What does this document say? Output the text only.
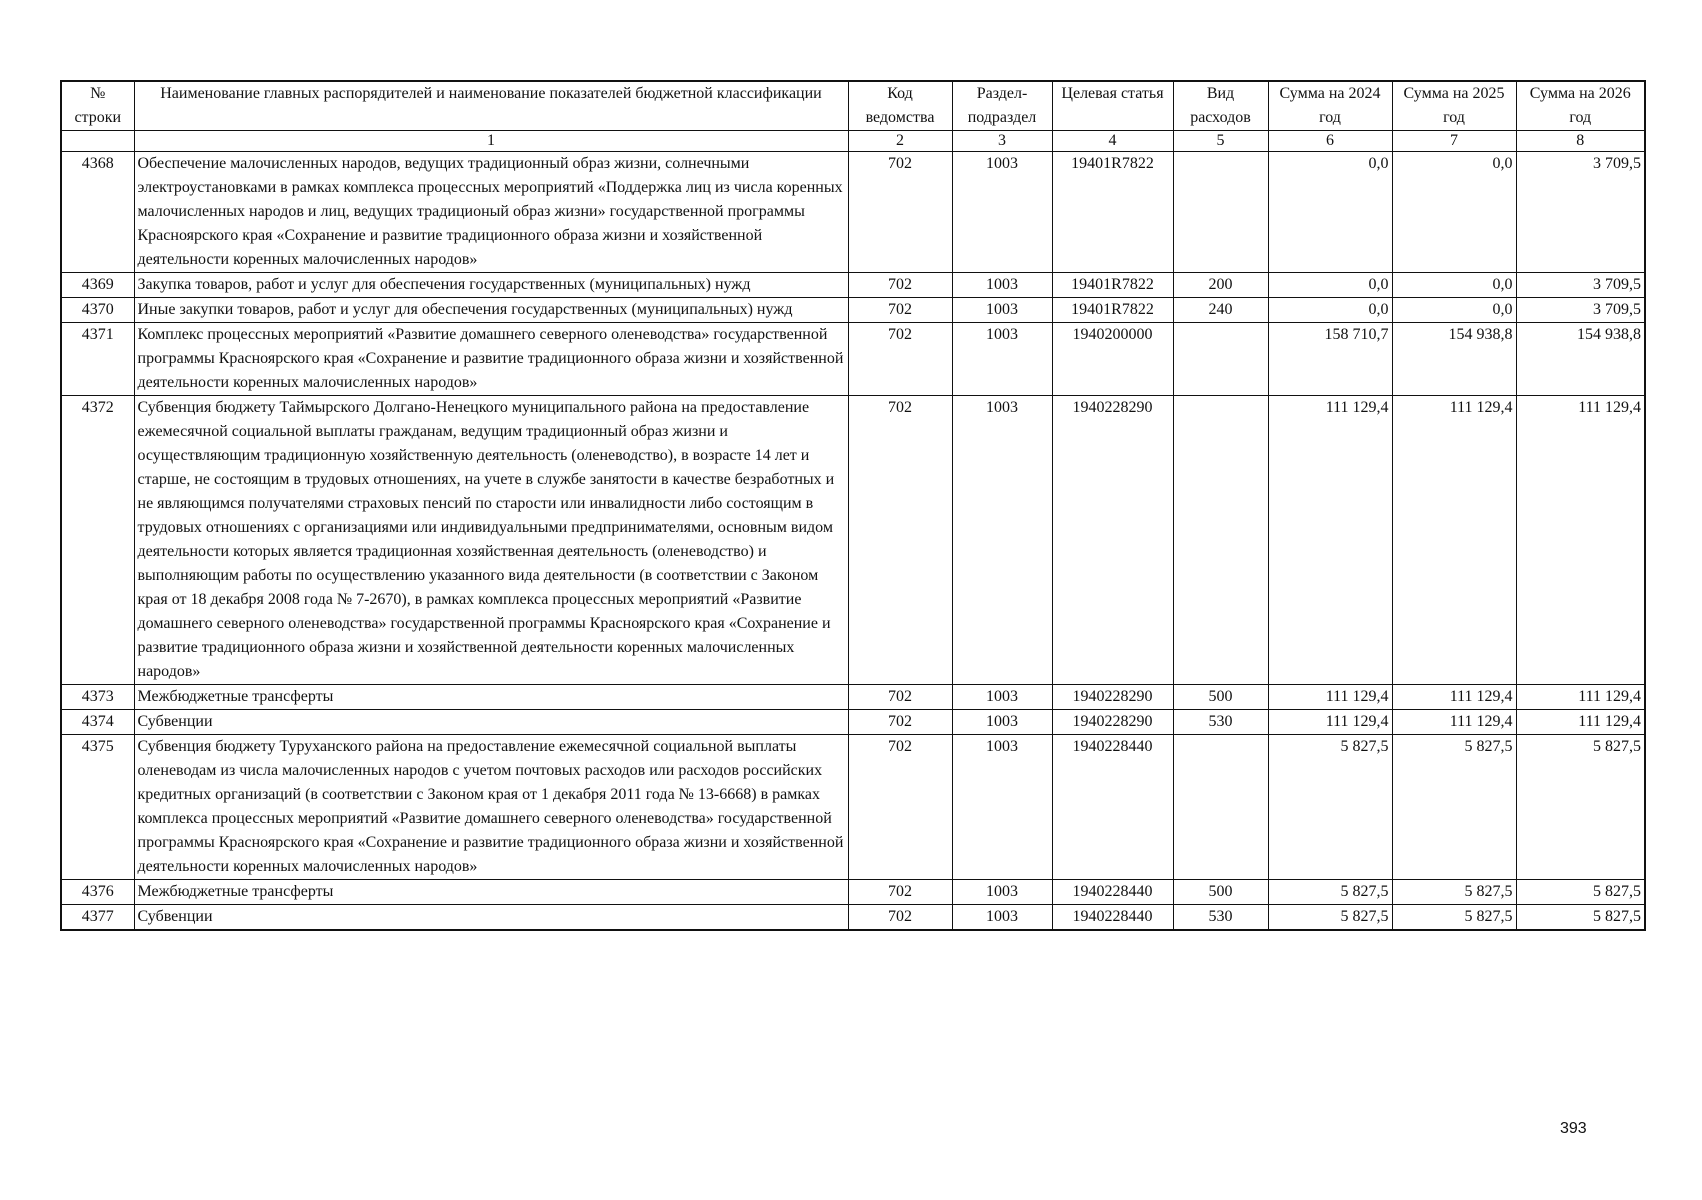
№ строки	Наименование главных распорядителей и наименование показателей бюджетной классификации	Код ведомства	Раздел-подраздел	Целевая статья	Вид расходов	Сумма на 2024 год	Сумма на 2025 год	Сумма на 2026 год
	1	2	3	4	5	6	7	8
4368	Обеспечение малочисленных народов, ведущих традиционный образ жизни, солнечными электроустановками в рамках комплекса процессных мероприятий «Поддержка лиц из числа коренных малочисленных народов и лиц, ведущих традиционый образ жизни» государственной программы Красноярского края «Сохранение и развитие традиционного образа жизни и хозяйственной деятельности коренных малочисленных народов»	702	1003	19401R7822		0,0	0,0	3 709,5
4369	Закупка товаров, работ и услуг для обеспечения государственных (муниципальных) нужд	702	1003	19401R7822	200	0,0	0,0	3 709,5
4370	Иные закупки товаров, работ и услуг для обеспечения государственных (муниципальных) нужд	702	1003	19401R7822	240	0,0	0,0	3 709,5
4371	Комплекс процессных мероприятий «Развитие домашнего северного оленеводства» государственной программы Красноярского края «Сохранение и развитие традиционного образа жизни и хозяйственной деятельности коренных малочисленных народов»	702	1003	1940200000		158 710,7	154 938,8	154 938,8
4372	Субвенция бюджету Таймырского Долгано-Ненецкого муниципального района на предоставление ежемесячной социальной выплаты гражданам, ведущим традиционный образ жизни и осуществляющим традиционную хозяйственную деятельность (оленеводство), в возрасте 14 лет и старше, не состоящим в трудовых отношениях, на учете в службе занятости в качестве безработных и не являющимся получателями страховых пенсий по старости или инвалидности либо состоящим в трудовых отношениях с организациями или индивидуальными предпринимателями, основным видом деятельности которых является традиционная хозяйственная деятельность (оленеводство) и выполняющим работы по осуществлению указанного вида деятельности (в соответствии с Законом края от 18 декабря 2008 года № 7-2670), в рамках комплекса процессных мероприятий «Развитие домашнего северного оленеводства» государственной программы Красноярского края «Сохранение и развитие традиционного образа жизни и хозяйственной деятельности коренных малочисленных народов»	702	1003	1940228290		111 129,4	111 129,4	111 129,4
4373	Межбюджетные трансферты	702	1003	1940228290	500	111 129,4	111 129,4	111 129,4
4374	Субвенции	702	1003	1940228290	530	111 129,4	111 129,4	111 129,4
4375	Субвенция бюджету Туруханского района на предоставление ежемесячной социальной выплаты оленеводам из числа малочисленных народов с учетом почтовых расходов или расходов российских кредитных организаций (в соответствии с Законом края от 1 декабря 2011 года № 13-6668) в рамках комплекса процессных мероприятий «Развитие домашнего северного оленеводства» государственной программы Красноярского края «Сохранение и развитие традиционного образа жизни и хозяйственной деятельности коренных малочисленных народов»	702	1003	1940228440		5 827,5	5 827,5	5 827,5
4376	Межбюджетные трансферты	702	1003	1940228440	500	5 827,5	5 827,5	5 827,5
4377	Субвенции	702	1003	1940228440	530	5 827,5	5 827,5	5 827,5
393
